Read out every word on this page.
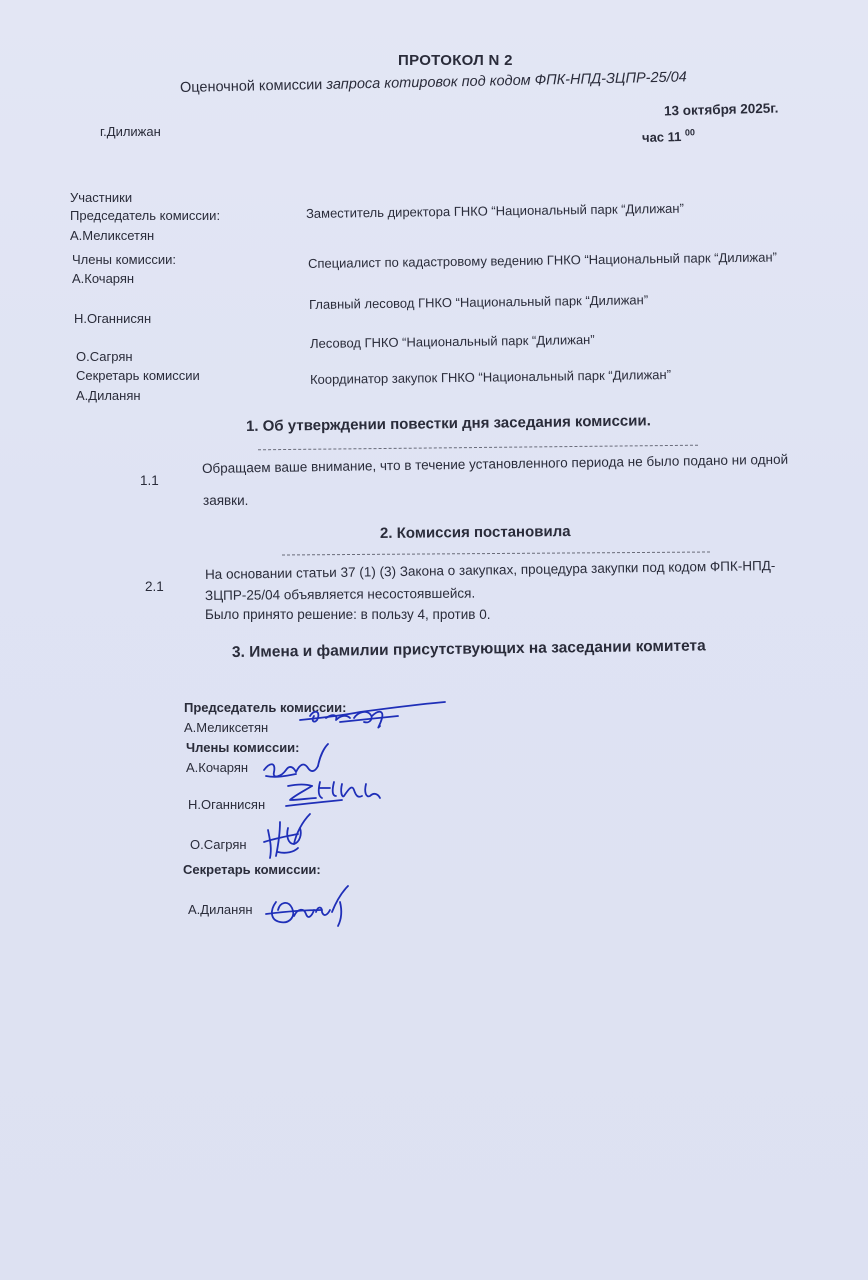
ПРОТОКОЛ N 2
Оценочной комиссии запроса котировок под кодом ФПК-НПД-ЗЦПР-25/04
13 октября 2025г.
г.Дилижан	час 11 $^{00}$
Участники
Председатель комиссии:
А.Меликсетян
Заместитель директора ГНКО “Национальный парк “Дилижан”
Члены комиссии:
А.Кочарян
Специалист по кадастровому ведению ГНКО “Национальный парк “Дилижан”
Н.Оганнисян
Главный лесовод ГНКО “Национальный парк “Дилижан”
О.Сагрян
Лесовод ГНКО “Национальный парк “Дилижан”
Секретарь комиссии
А.Диланян
Координатор закупок ГНКО “Национальный парк “Дилижан”
1. Об утверждении повестки дня заседания комиссии.
1.1
Обращаем ваше внимание, что в течение установленного периода не было подано ни одной
заявки.
2. Комиссия постановила
2.1
На основании статьи 37 (1) (3) Закона о закупках, процедура закупки под кодом ФПК-НПД-
ЗЦПР-25/04 объявляется несостоявшейся.
Было принято решение: в пользу 4, против 0.
3. Имена и фамилии присутствующих на заседании комитета
Председатель комиссии:
А.Меликсетян
Члены комиссии:
А.Кочарян
Н.Оганнисян
О.Сагрян
Секретарь комиссии:
А.Диланян
